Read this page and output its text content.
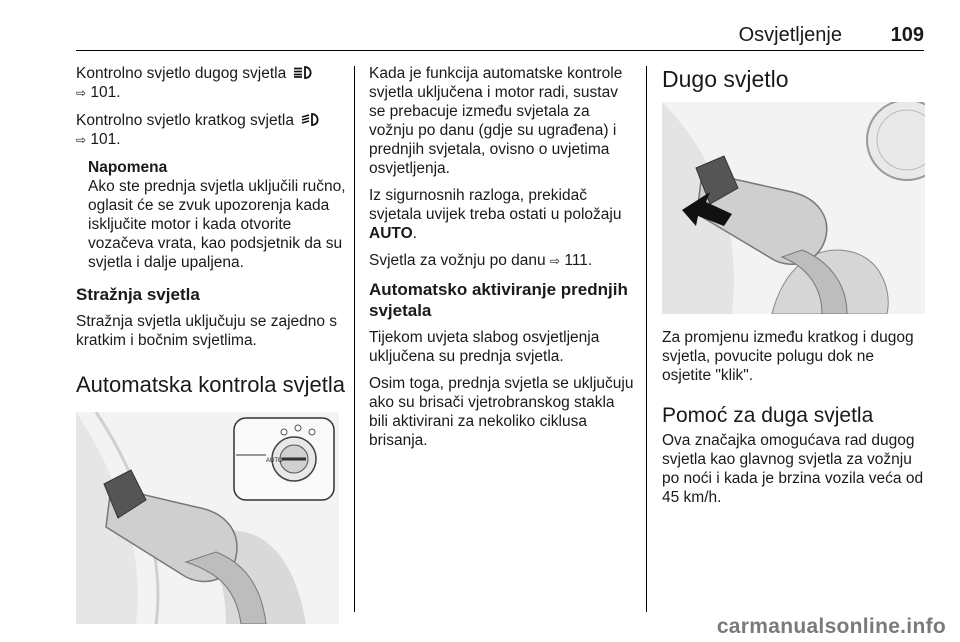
Osvjetljenje 109

Kontrolno svjetlo dugog svjetla
⇨ 101.

Kontrolno svjetlo kratkog svjetla
⇨ 101.

Napomena
Ako ste prednja svjetla uključili ručno, oglasit će se zvuk upozorenja kada isključite motor i kada otvorite vozačeva vrata, kao podsjetnik da su svjetla i dalje upaljena.
Stražnja svjetla

Stražnja svjetla uključuju se zajedno s kratkim i bočnim svjetlima.

Automatska kontrola svjetla
AUTO

Kada je funkcija automatske kontrole svjetla uključena i motor radi, sustav se prebacuje između svjetala za vožnju po danu (gdje su ugrađena) i prednjih svjetala, ovisno o uvjetima osvjetljenja.

Iz sigurnosnih razloga, prekidač svjetala uvijek treba ostati u položaju AUTO.

Svjetla za vožnju po danu ⇨ 111.

Automatsko aktiviranje prednjih svjetala

Tijekom uvjeta slabog osvjetljenja uključena su prednja svjetla.

Osim toga, prednja svjetla se uključuju ako su brisači vjetrobranskog stakla bili aktivirani za nekoliko ciklusa brisanja.

Dugo svjetlo

Za promjenu između kratkog i dugog svjetla, povucite polugu dok ne osjetite "klik".

Pomoć za duga svjetla

Ova značajka omogućava rad dugog svjetla kao glavnog svjetla za vožnju po noći i kada je brzina vozila veća od 45 km/h.

carmanualsonline.info
